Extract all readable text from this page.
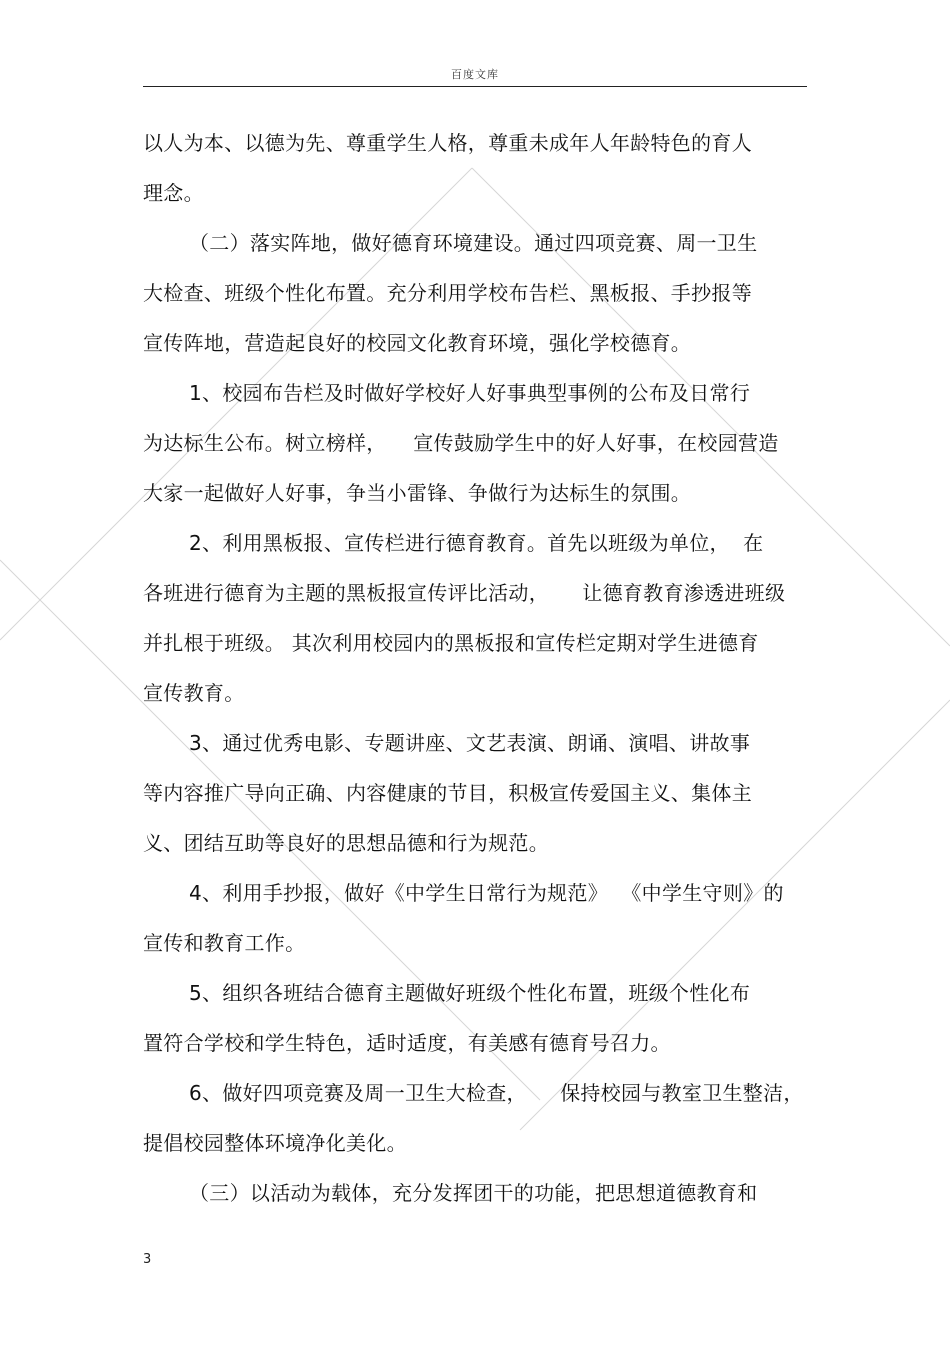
百度文库
以人为本、以德为先、尊重学生人格，尊重未成年人年龄特色的育人
理念。
（二）落实阵地，做好德育环境建设。通过四项竞赛、周一卫生
大检查、班级个性化布置。充分利用学校布告栏、黑板报、手抄报等
宣传阵地，营造起良好的校园文化教育环境，强化学校德育。
1、校园布告栏及时做好学校好人好事典型事例的公布及日常行
为达标生公布。树立榜样，    宣传鼓励学生中的好人好事，在校园营造
大家一起做好人好事，争当小雷锋、争做行为达标生的氛围。
2、利用黑板报、宣传栏进行德育教育。首先以班级为单位，  在
各班进行德育为主题的黑板报宣传评比活动，     让德育教育渗透进班级
并扎根于班级。 其次利用校园内的黑板报和宣传栏定期对学生进德育
宣传教育。
3、通过优秀电影、专题讲座、文艺表演、朗诵、演唱、讲故事
等内容推广导向正确、内容健康的节目，积极宣传爱国主义、集体主
义、团结互助等良好的思想品德和行为规范。
4、利用手抄报，做好《中学生日常行为规范》  《中学生守则》的
宣传和教育工作。
5、组织各班结合德育主题做好班级个性化布置，班级个性化布
置符合学校和学生特色，适时适度，有美感有德育号召力。
6、做好四项竞赛及周一卫生大检查，     保持校园与教室卫生整洁，
提倡校园整体环境净化美化。
（三）以活动为载体，充分发挥团干的功能，把思想道德教育和
3
